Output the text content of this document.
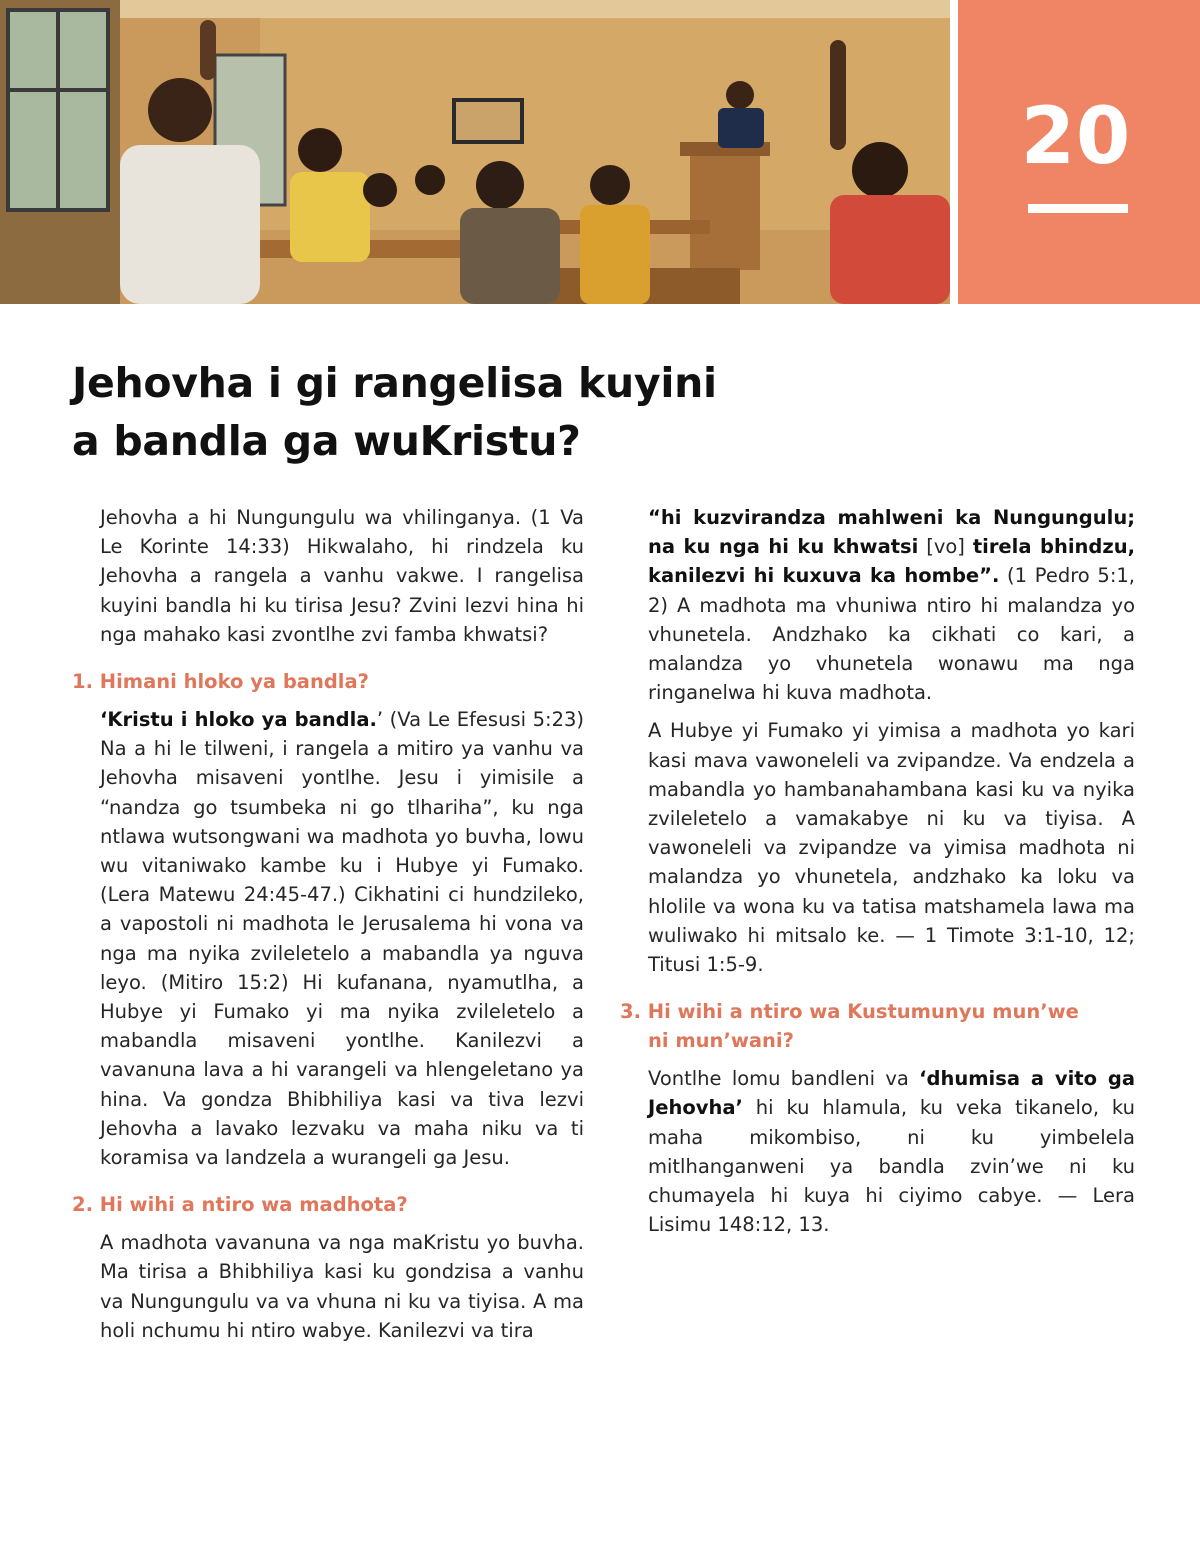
20
Jehovha i gi rangelisa kuyini
a bandla ga wuKristu?

Jehovha a hi Nungungulu wa vhilinganya. (1 Va Le Korinte 14:33) Hikwalaho, hi rindzela ku Jehovha a rangela a vanhu vakwe. I rangelisa kuyini bandla hi ku tirisa Jesu? Zvini lezvi hina hi nga mahako kasi zvontlhe zvi famba khwatsi?

1. Himani hloko ya bandla?

‘Kristu i hloko ya bandla.’ (Va Le Efesusi 5:23) Na a hi le tilweni, i rangela a mitiro ya vanhu va Jehovha misaveni yontlhe. Jesu i yimisile a “nandza go tsumbeka ni go tlhariha”, ku nga ntlawa wutsongwani wa madhota yo buvha, lowu wu vitaniwako kambe ku i Hubye yi Fumako. (Lera Matewu 24:45-47.) Cikhatini ci hundzileko, a vapostoli ni madhota le Jerusalema hi vona va nga ma nyika zvileletelo a mabandla ya nguva leyo. (Mitiro 15:2) Hi kufanana, nyamutlha, a Hubye yi Fumako yi ma nyika zvileletelo a mabandla misaveni yontlhe. Kanilezvi a vavanuna lava a hi varangeli va hlengeletano ya hina. Va gondza Bhibhiliya kasi va tiva lezvi Jehovha a lavako lezvaku va maha niku va ti koramisa va landzela a wurangeli ga Jesu.

2. Hi wihi a ntiro wa madhota?

A madhota vavanuna va nga maKristu yo buvha. Ma tirisa a Bhibhiliya kasi ku gondzisa a vanhu va Nungungulu va va vhuna ni ku va tiyisa. A ma holi nchumu hi ntiro wabye. Kanilezvi va tira

“hi kuzvirandza mahlweni ka Nungungulu; na ku nga hi ku khwatsi [vo] tirela bhindzu, kanilezvi hi kuxuva ka hombe”. (1 Pedro 5:1, 2) A madhota ma vhuniwa ntiro hi malandza yo vhunetela. Andzhako ka cikhati co kari, a malandza yo vhunetela wonawu ma nga ringanelwa hi kuva madhota.

A Hubye yi Fumako yi yimisa a madhota yo kari kasi mava vawoneleli va zvipandze. Va endzela a mabandla yo hambanahambana kasi ku va nyika zvileletelo a vamakabye ni ku va tiyisa. A vawoneleli va zvipandze va yimisa madhota ni malandza yo vhunetela, andzhako ka loku va hlolile va wona ku va tatisa matshamela lawa ma wuliwako hi mitsalo ke. — 1 Timote 3:1-10, 12; Titusi 1:5-9.

3. Hi wihi a ntiro wa Kustumunyu mun’we
ni mun’wani?

Vontlhe lomu bandleni va ‘dhumisa a vito ga Jehovha’ hi ku hlamula, ku veka tikanelo, ku maha mikombiso, ni ku yimbelela mitlhanganweni ya bandla zvin’we ni ku chumayela hi kuya hi ciyimo cabye. — Lera Lisimu 148:12, 13.
